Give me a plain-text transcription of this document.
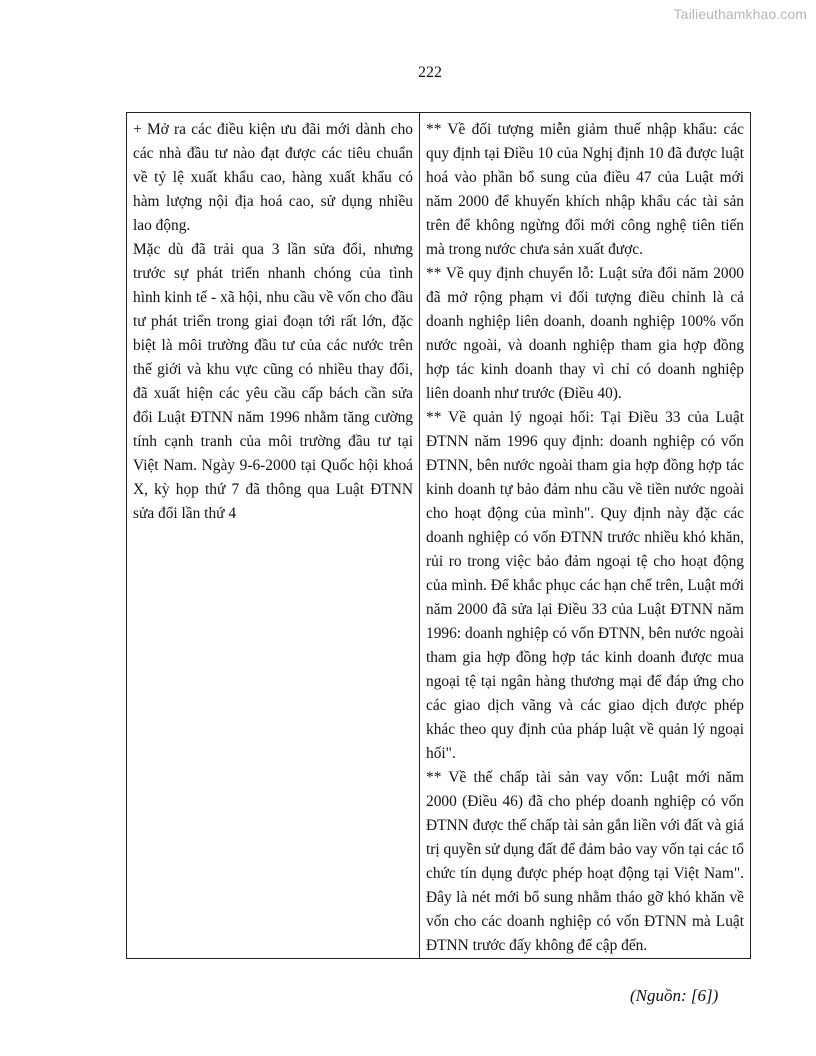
Tailieuthamkhao.com
222

+ Mở ra các điều kiện ưu đãi mới dành cho các nhà đầu tư nào đạt được các tiêu chuẩn về tỷ lệ xuất khẩu cao, hàng xuất khẩu có hàm lượng nội địa hoá cao, sử dụng nhiều lao động.

Mặc dù đã trải qua 3 lần sửa đổi, nhưng trước sự phát triển nhanh chóng của tình hình kinh tế - xã hội, nhu cầu về vốn cho đầu tư phát triển trong giai đoạn tới rất lớn, đặc biệt là môi trường đầu tư của các nước trên thế giới và khu vực cũng có nhiều thay đổi, đã xuất hiện các yêu cầu cấp bách cần sửa đổi Luật ĐTNN năm 1996 nhằm tăng cường tính cạnh tranh của môi trường đầu tư tại Việt Nam. Ngày 9-6-2000 tại Quốc hội khoá X, kỳ họp thứ 7 đã thông qua Luật ĐTNN sửa đổi lần thứ 4

** Về đối tượng miễn giảm thuế nhập khẩu: các quy định tại Điều 10 của Nghị định 10 đã được luật hoá vào phần bổ sung của điều 47 của Luật mới năm 2000 để khuyến khích nhập khẩu các tài sản trên để không ngừng đổi mới công nghệ tiên tiến mà trong nước chưa sản xuất được.

** Về quy định chuyển lỗ: Luật sửa đổi năm 2000 đã mở rộng phạm vi đối tượng điều chỉnh là cả doanh nghiệp liên doanh, doanh nghiệp 100% vốn nước ngoài, và doanh nghiệp tham gia hợp đồng hợp tác kinh doanh thay vì chỉ có doanh nghiệp liên doanh như trước (Điều 40).

** Về quản lý ngoại hối: Tại Điều 33 của Luật ĐTNN năm 1996 quy định: doanh nghiệp có vốn ĐTNN, bên nước ngoài tham gia hợp đồng hợp tác kinh doanh tự bảo đảm nhu cầu về tiền nước ngoài cho hoạt động của mình". Quy định này đặc các doanh nghiệp có vốn ĐTNN trước nhiều khó khăn, rủi ro trong việc bảo đảm ngoại tệ cho hoạt động của mình. Để khắc phục các hạn chế trên, Luật mới năm 2000 đã sửa lại Điều 33 của Luật ĐTNN năm 1996: doanh nghiệp có vốn ĐTNN, bên nước ngoài tham gia hợp đồng hợp tác kinh doanh được mua ngoại tệ tại ngân hàng thương mại để đáp ứng cho các giao dịch vãng và các giao dịch được phép khác theo quy định của pháp luật về quản lý ngoại hối".

** Về thế chấp tài sản vay vốn: Luật mới năm 2000 (Điều 46) đã cho phép doanh nghiệp có vốn ĐTNN được thế chấp tài sản gắn liền với đất và giá trị quyền sử dụng đất để đảm bảo vay vốn tại các tổ chức tín dụng được phép hoạt động tại Việt Nam". Đây là nét mới bổ sung nhằm tháo gỡ khó khăn về vốn cho các doanh nghiệp có vốn ĐTNN mà Luật ĐTNN trước đấy không để cập đến.

(Nguồn: [6])
